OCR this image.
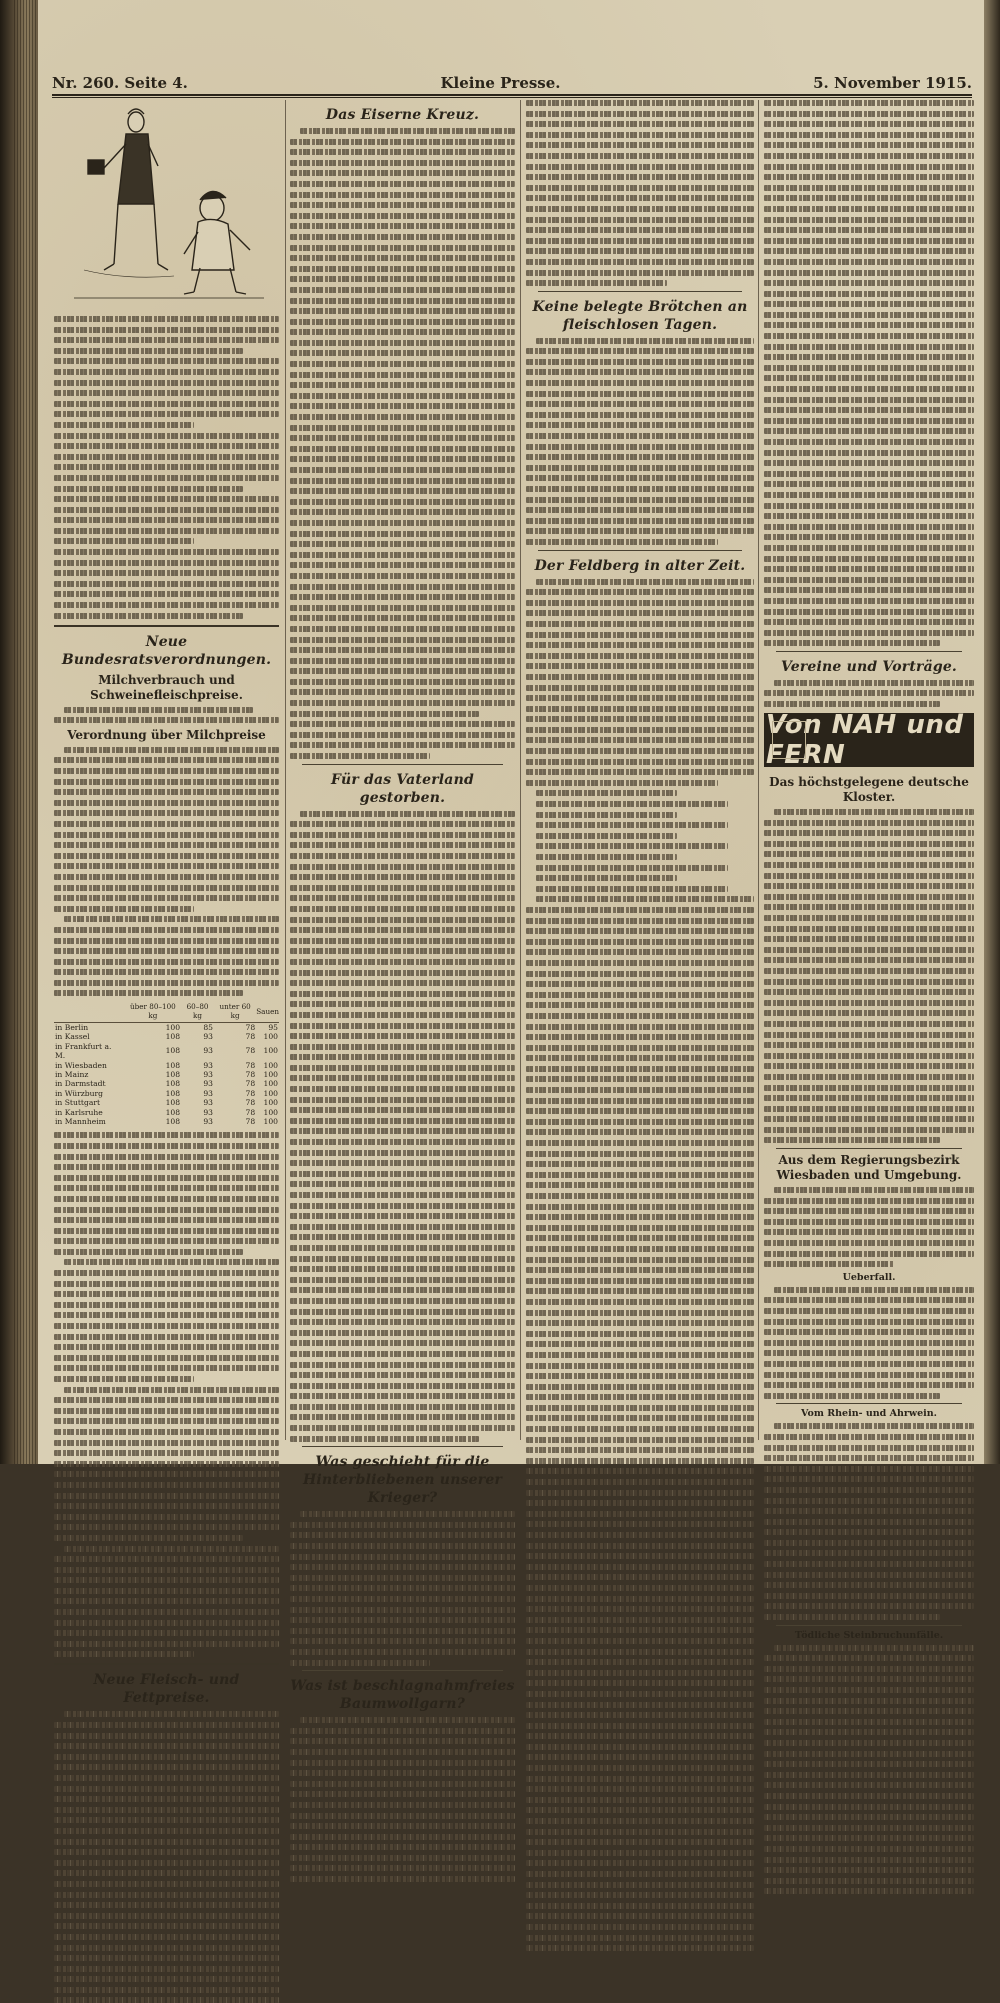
Nr. 260. Seite 4.	Kleine Presse.	5. November 1915.
Neue Bundesratsverordnungen.
Milchverbrauch und Schweinefleischpreise.
Verordnung über Milchpreise
	über 80–100 kg	60–80 kg	unter 60 kg	Sauen
in Berlin	100	85	78	95
in Kassel	108	93	78	100
in Frankfurt a. M.	108	93	78	100
in Wiesbaden	108	93	78	100
in Mainz	108	93	78	100
in Darmstadt	108	93	78	100
in Würzburg	108	93	78	100
in Stuttgart	108	93	78	100
in Karlsruhe	108	93	78	100
in Mannheim	108	93	78	100
Neue Fleisch- und Fettpreise.
Das Eiserne Kreuz.
Für das Vaterland gestorben.
Was geschieht für die Hinterbliebenen unserer Krieger?
Was ist beschlagnahmfreies Baumwollgarn?
Keine belegte Brötchen an fleischlosen Tagen.
Der Feldberg in alter Zeit.
Vereine und Vorträge.
Von NAH und FERN
Das höchstgelegene deutsche Kloster.
Aus dem Regierungsbezirk Wiesbaden und Umgebung.
Ueberfall.
Vom Rhein- und Ahrwein.
Tödliche Steinbruchunfälle.
